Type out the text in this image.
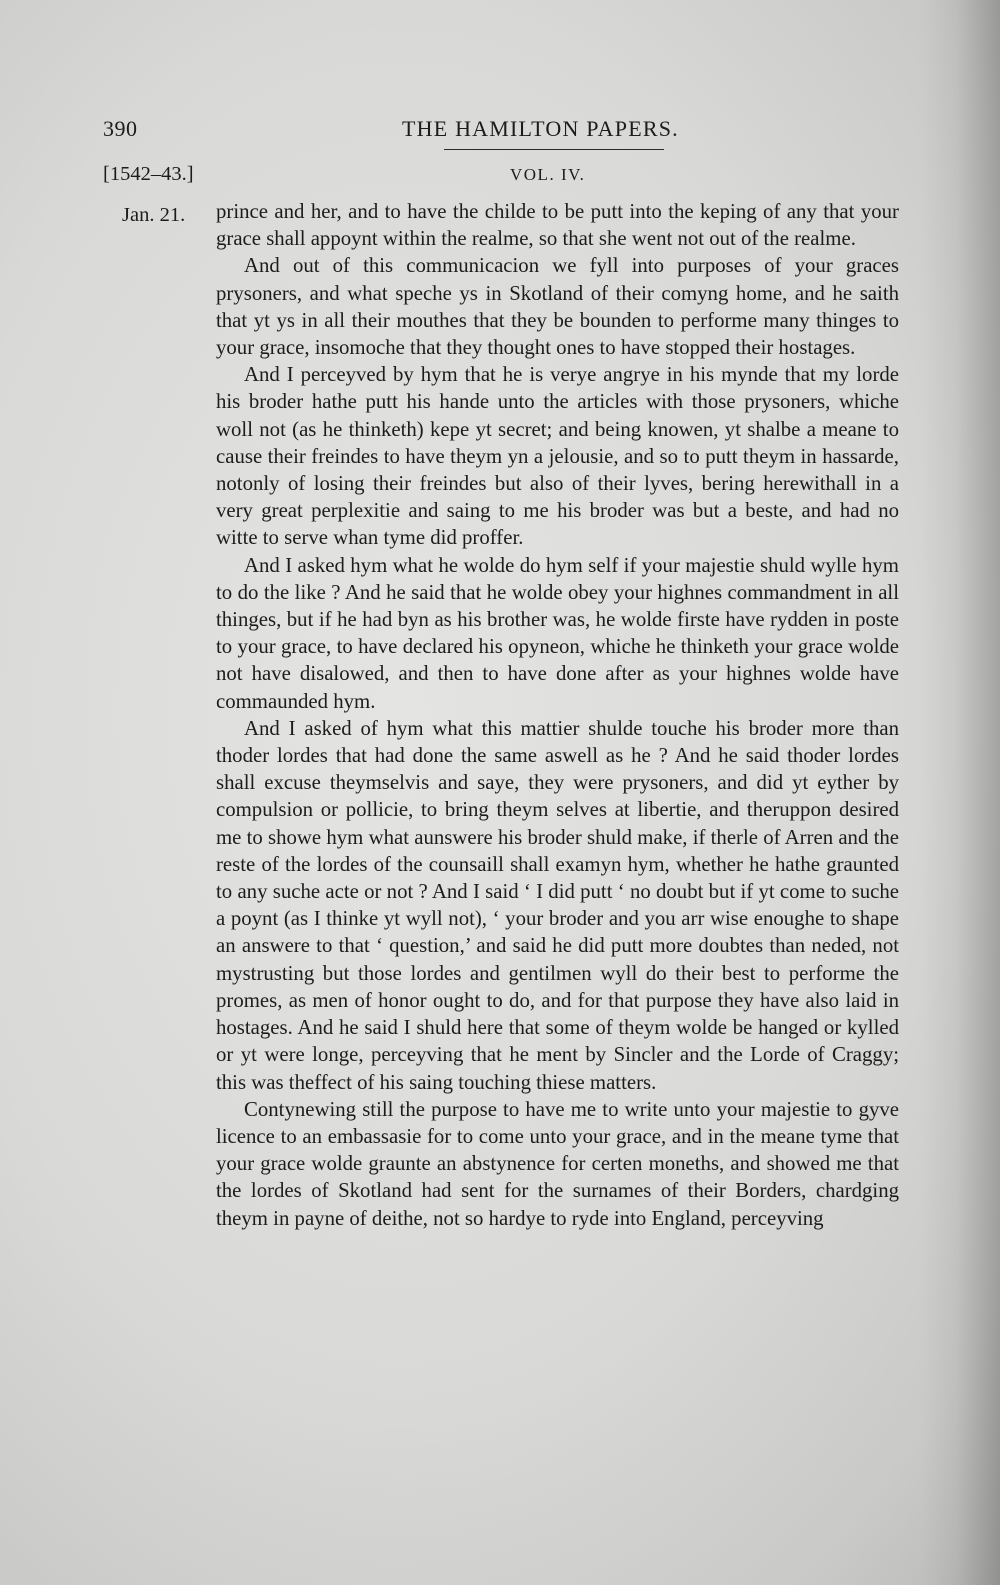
390	THE HAMILTON PAPERS.
[1542–43.]	VOL. IV.
Jan. 21. prince and her, and to have the childe to be putt into the keping of any that your grace shall appoynt within the realme, so that she went not out of the realme.

And out of this communicacion we fyll into purposes of your graces prysoners, and what speche ys in Skotland of their comyng home, and he saith that yt ys in all their mouthes that they be bounden to performe many thinges to your grace, insomoche that they thought ones to have stopped their hostages.

And I perceyved by hym that he is verye angrye in his mynde that my lorde his broder hathe putt his hande unto the articles with those prysoners, whiche woll not (as he thinketh) kepe yt secret; and being knowen, yt shalbe a meane to cause their freindes to have theym yn a jelousie, and so to putt theym in hassarde, notonly of losing their freindes but also of their lyves, bering herewithall in a very great perplexitie and saing to me his broder was but a beste, and had no witte to serve whan tyme did proffer.

And I asked hym what he wolde do hym self if your majestie shuld wylle hym to do the like ? And he said that he wolde obey your highnes commandment in all thinges, but if he had byn as his brother was, he wolde firste have rydden in poste to your grace, to have declared his opyneon, whiche he thinketh your grace wolde not have disalowed, and then to have done after as your highnes wolde have commaunded hym.

And I asked of hym what this mattier shulde touche his broder more than thoder lordes that had done the same aswell as he ? And he said thoder lordes shall excuse theymselvis and saye, they were prysoners, and did yt eyther by compulsion or pollicie, to bring theym selves at libertie, and theruppon desired me to showe hym what aunswere his broder shuld make, if therle of Arren and the reste of the lordes of the counsaill shall examyn hym, whether he hathe graunted to any suche acte or not ? And I said ‘ I did putt ‘ no doubt but if yt come to suche a poynt (as I thinke yt wyll not), ‘ your broder and you arr wise enoughe to shape an answere to that ‘ question,’ and said he did putt more doubtes than neded, not mystrusting but those lordes and gentilmen wyll do their best to performe the promes, as men of honor ought to do, and for that purpose they have also laid in hostages. And he said I shuld here that some of theym wolde be hanged or kylled or yt were longe, perceyving that he ment by Sincler and the Lorde of Craggy; this was theffect of his saing touching thiese matters.

Contynewing still the purpose to have me to write unto your majestie to gyve licence to an embassasie for to come unto your grace, and in the meane tyme that your grace wolde graunte an abstynence for certen moneths, and showed me that the lordes of Skotland had sent for the surnames of their Borders, chardging theym in payne of deithe, not so hardye to ryde into England, perceyving
